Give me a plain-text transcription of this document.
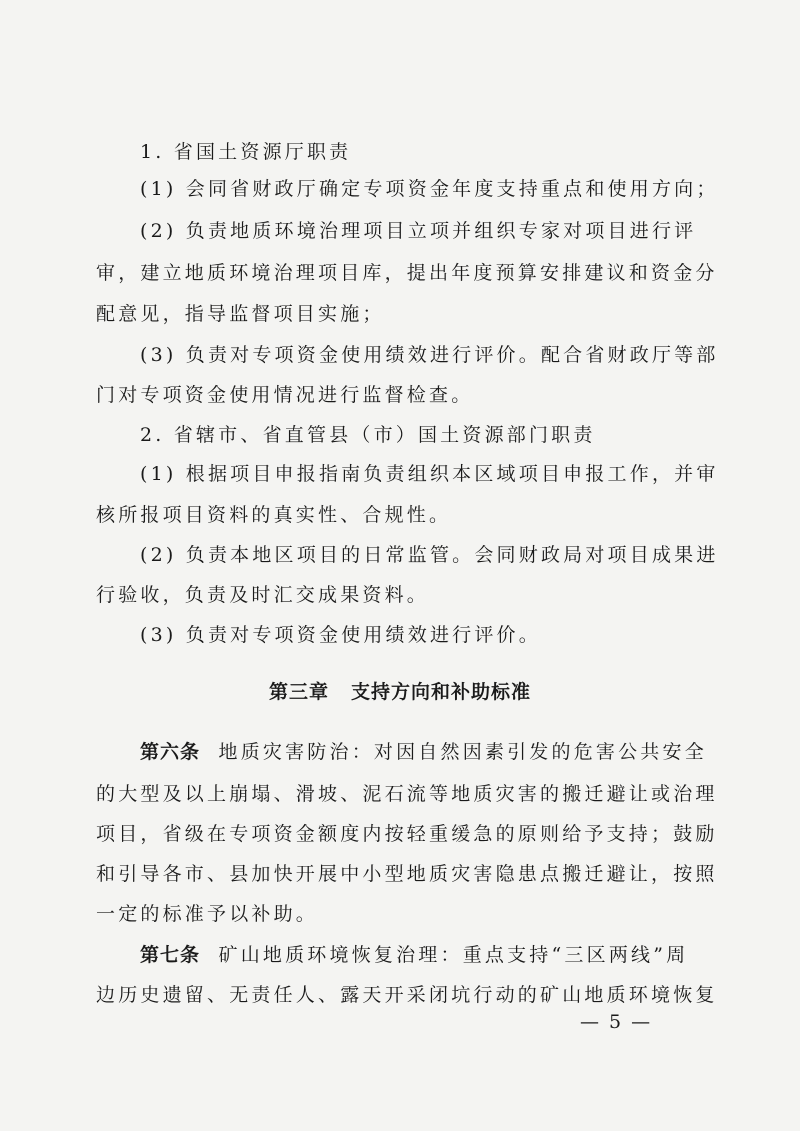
1. 省国土资源厅职责
(1) 会同省财政厅确定专项资金年度支持重点和使用方向；
(2) 负责地质环境治理项目立项并组织专家对项目进行评
审，建立地质环境治理项目库，提出年度预算安排建议和资金分
配意见，指导监督项目实施；
(3) 负责对专项资金使用绩效进行评价。配合省财政厅等部
门对专项资金使用情况进行监督检查。
2. 省辖市、省直管县（市）国土资源部门职责
(1) 根据项目申报指南负责组织本区域项目申报工作，并审
核所报项目资料的真实性、合规性。
(2) 负责本地区项目的日常监管。会同财政局对项目成果进
行验收，负责及时汇交成果资料。
(3) 负责对专项资金使用绩效进行评价。
第三章 支持方向和补助标准
第六条 地质灾害防治：对因自然因素引发的危害公共安全
的大型及以上崩塌、滑坡、泥石流等地质灾害的搬迁避让或治理
项目，省级在专项资金额度内按轻重缓急的原则给予支持；鼓励
和引导各市、县加快开展中小型地质灾害隐患点搬迁避让，按照
一定的标准予以补助。
第七条 矿山地质环境恢复治理：重点支持“三区两线”周
边历史遗留、无责任人、露天开采闭坑行动的矿山地质环境恢复
— 5 —
